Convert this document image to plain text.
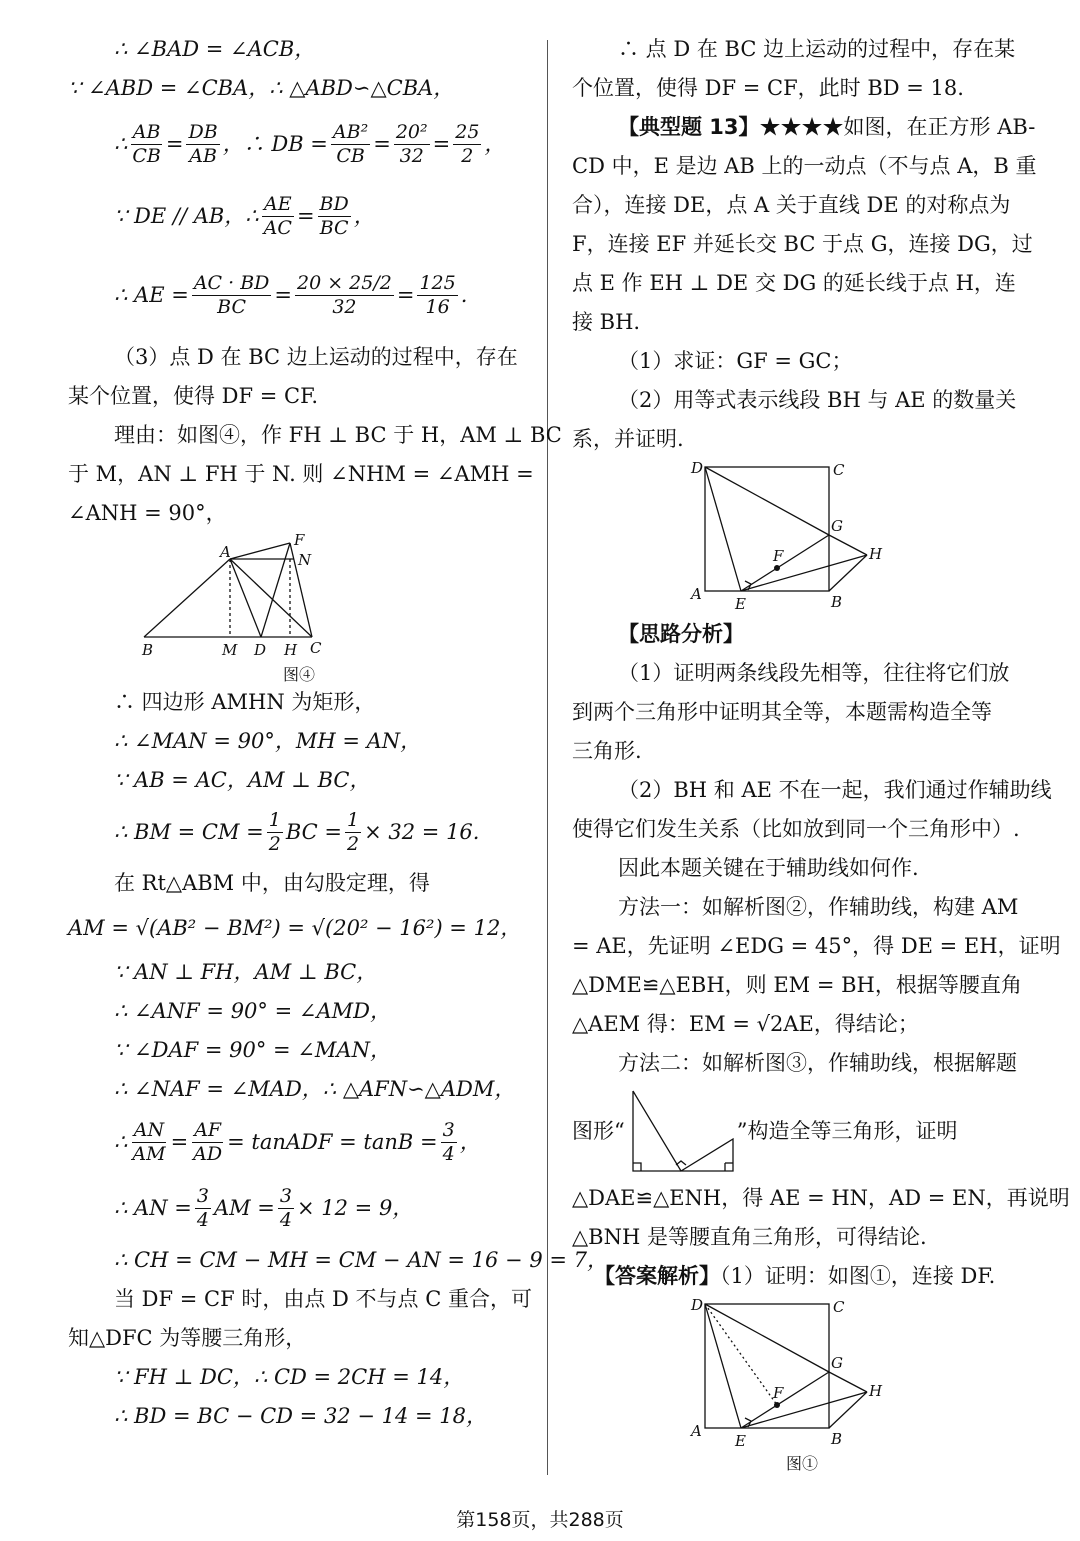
∴ ∠BAD = ∠ACB，
∵ ∠ABD = ∠CBA，∴ △ABD∽△CBA，
∴ $\frac{AB}{CB} = \frac{DB}{AB}$ ，∴ DB = $\frac{\text{AB²}}{CB} = \frac{\text{20²}}{32} = \frac{25}{2}$ ，
∵ DE // AB，∴ $\frac{AE}{AC} = \frac{BD}{BC}$ ，
∴ AE = $\frac{AC \cdot BD}{BC} = \frac{20 \times 25/2}{32} = \frac{125}{16}$ .
（3）点 D 在 BC 边上运动的过程中，存在
某个位置，使得 DF = CF.
理由：如图④，作 FH ⊥ BC 于 H，AM ⊥ BC
于 M，AN ⊥ FH 于 N. 则 ∠NHM = ∠AMH =
∠ANH = 90°，
A
F
N
B	M D H C
图④
∴ 四边形 AMHN 为矩形，
∴ ∠MAN = 90°，MH = AN，
∵ AB = AC，AM ⊥ BC，
∴ BM = CM = $\frac{1}{2}$ BC = $\frac{1}{2} \times 32 = 16$.
在 Rt△ABM 中，由勾股定理，得
AM = √(AB² − BM²) = √(20² − 16²) = 12，
∵ AN ⊥ FH，AM ⊥ BC，
∴ ∠ANF = 90° = ∠AMD，
∵ ∠DAF = 90° = ∠MAN，
∴ ∠NAF = ∠MAD，∴ △AFN∽△ADM，
∴ $\frac{AN}{AM} = \frac{AF}{AD}$ = tanADF = $\tan B = \frac{3}{4}$ ，
∴ AN = $\frac{3}{4}$ AM = $\frac{3}{4} \times 12 = 9$，
∴ CH = CM − MH = CM − AN = 16 − 9 = 7，
当 DF = CF 时，由点 D 不与点 C 重合，可
知△DFC 为等腰三角形，
∵ FH ⊥ DC，∴ CD = 2CH = 14，
∴ BD = BC − CD = 32 − 14 = 18，
∴ 点 D 在 BC 边上运动的过程中，存在某
个位置，使得 DF = CF，此时 BD = 18.
【典型题 13】★★★★如图，在正方形 AB-
CD 中，E 是边 AB 上的一动点（不与点 A，B 重
合），连接 DE，点 A 关于直线 DE 的对称点为
F，连接 EF 并延长交 BC 于点 G，连接 DG，过
点 E 作 EH ⊥ DE 交 DG 的延长线于点 H，连
接 BH.
（1）求证：GF = GC；
（2）用等式表示线段 BH 与 AE 的数量关
系，并证明.
D	C
G
F	H
A
E	B
【思路分析】
（1）证明两条线段先相等，往往将它们放
到两个三角形中证明其全等，本题需构造全等
三角形.
（2）BH 和 AE 不在一起，我们通过作辅助线
使得它们发生关系（比如放到同一个三角形中）.
因此本题关键在于辅助线如何作.
方法一：如解析图②，作辅助线，构建 AM
= AE，先证明 ∠EDG = 45°，得 DE = EH，证明
△DME≌△EBH，则 EM = BH，根据等腰直角
△AEM 得：EM = √2AE，得结论；
方法二：如解析图③，作辅助线，根据解题
图形“	”构造全等三角形，证明
△DAE≌△ENH，得 AE = HN，AD = EN，再说明
△BNH 是等腰直角三角形，可得结论.
【答案解析】（1）证明：如图①，连接 DF.
D	C
G
F	H
A
E	B
图①
第158页，共288页
